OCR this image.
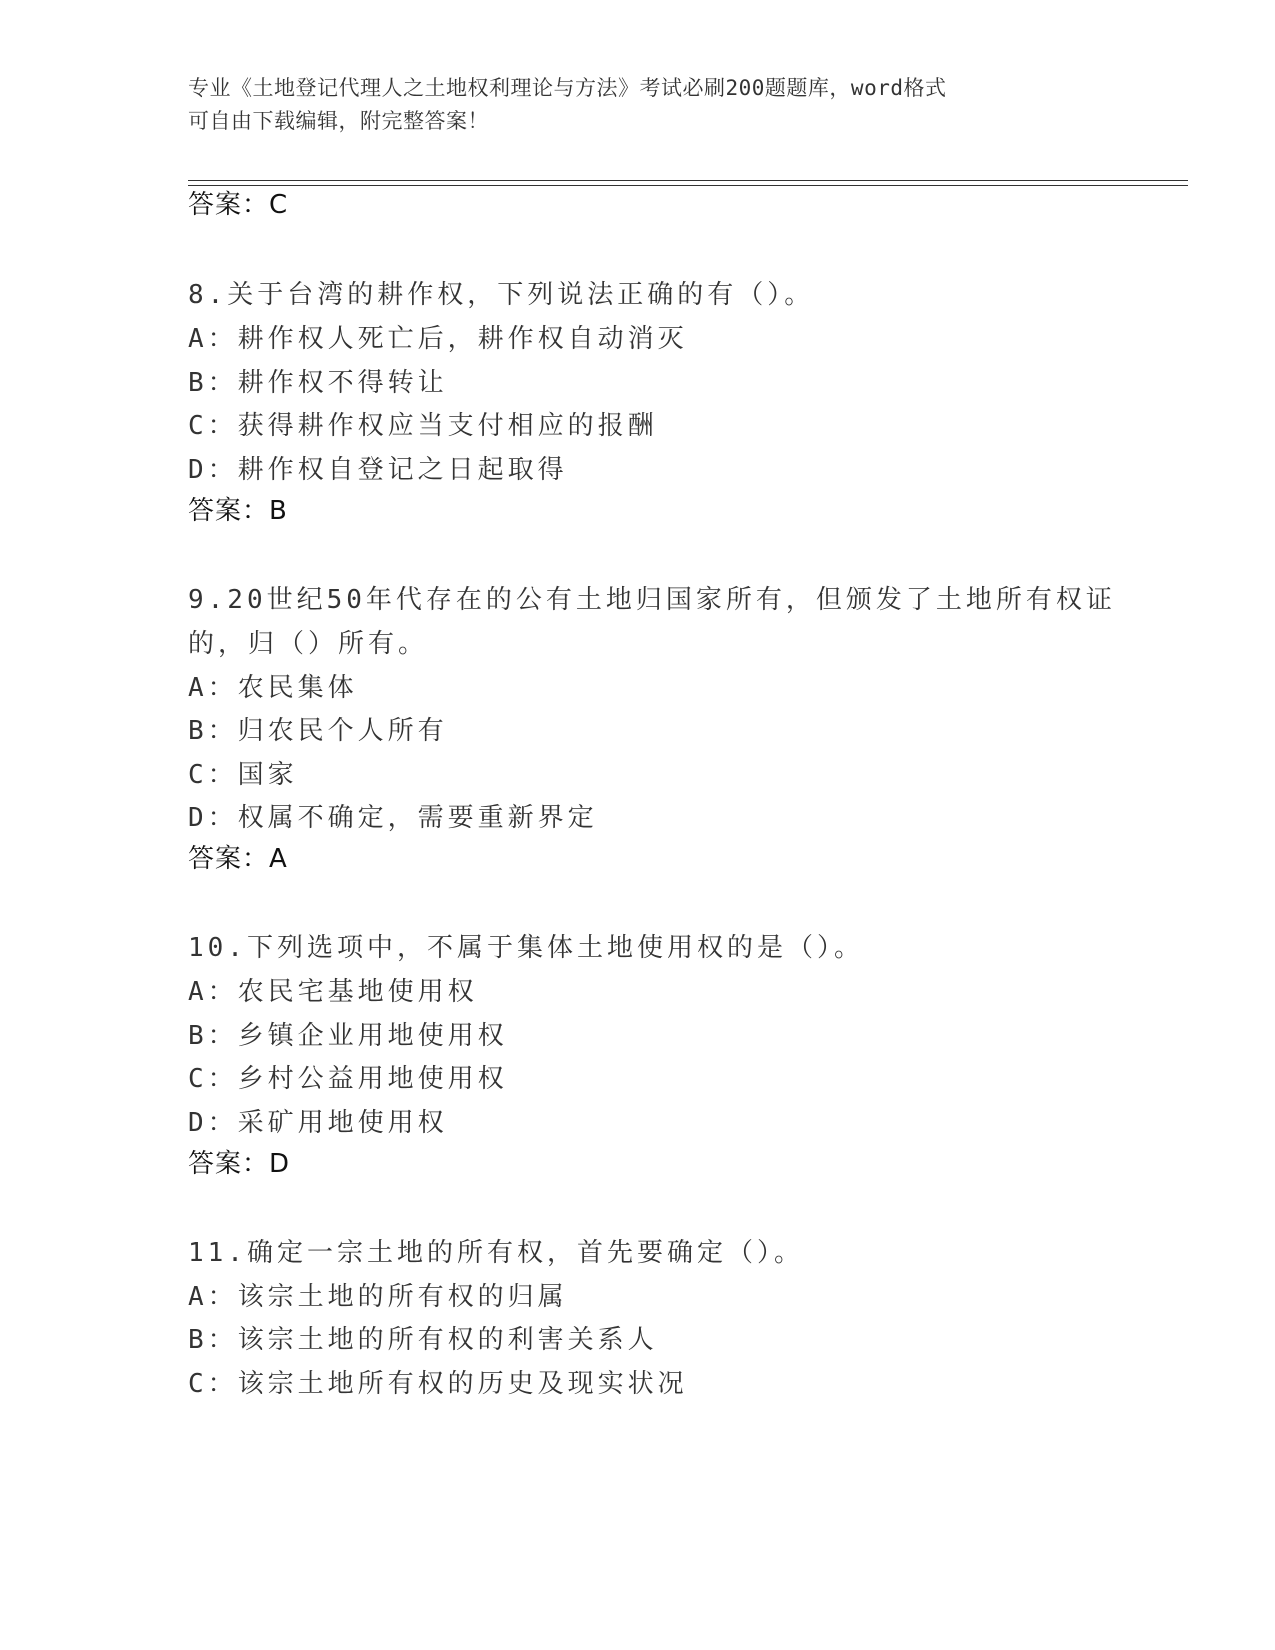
专业《土地登记代理人之土地权利理论与方法》考试必刷200题题库，word格式
可自由下载编辑，附完整答案！
答案：C
8.关于台湾的耕作权，下列说法正确的有（）。
A：耕作权人死亡后，耕作权自动消灭
B：耕作权不得转让
C：获得耕作权应当支付相应的报酬
D：耕作权自登记之日起取得
答案：B
9.20世纪50年代存在的公有土地归国家所有，但颁发了土地所有权证
的，归（）所有。
A：农民集体
B：归农民个人所有
C：国家
D：权属不确定，需要重新界定
答案：A
10.下列选项中，不属于集体土地使用权的是（）。
A：农民宅基地使用权
B：乡镇企业用地使用权
C：乡村公益用地使用权
D：采矿用地使用权
答案：D
11.确定一宗土地的所有权，首先要确定（）。
A：该宗土地的所有权的归属
B：该宗土地的所有权的利害关系人
C：该宗土地所有权的历史及现实状况
